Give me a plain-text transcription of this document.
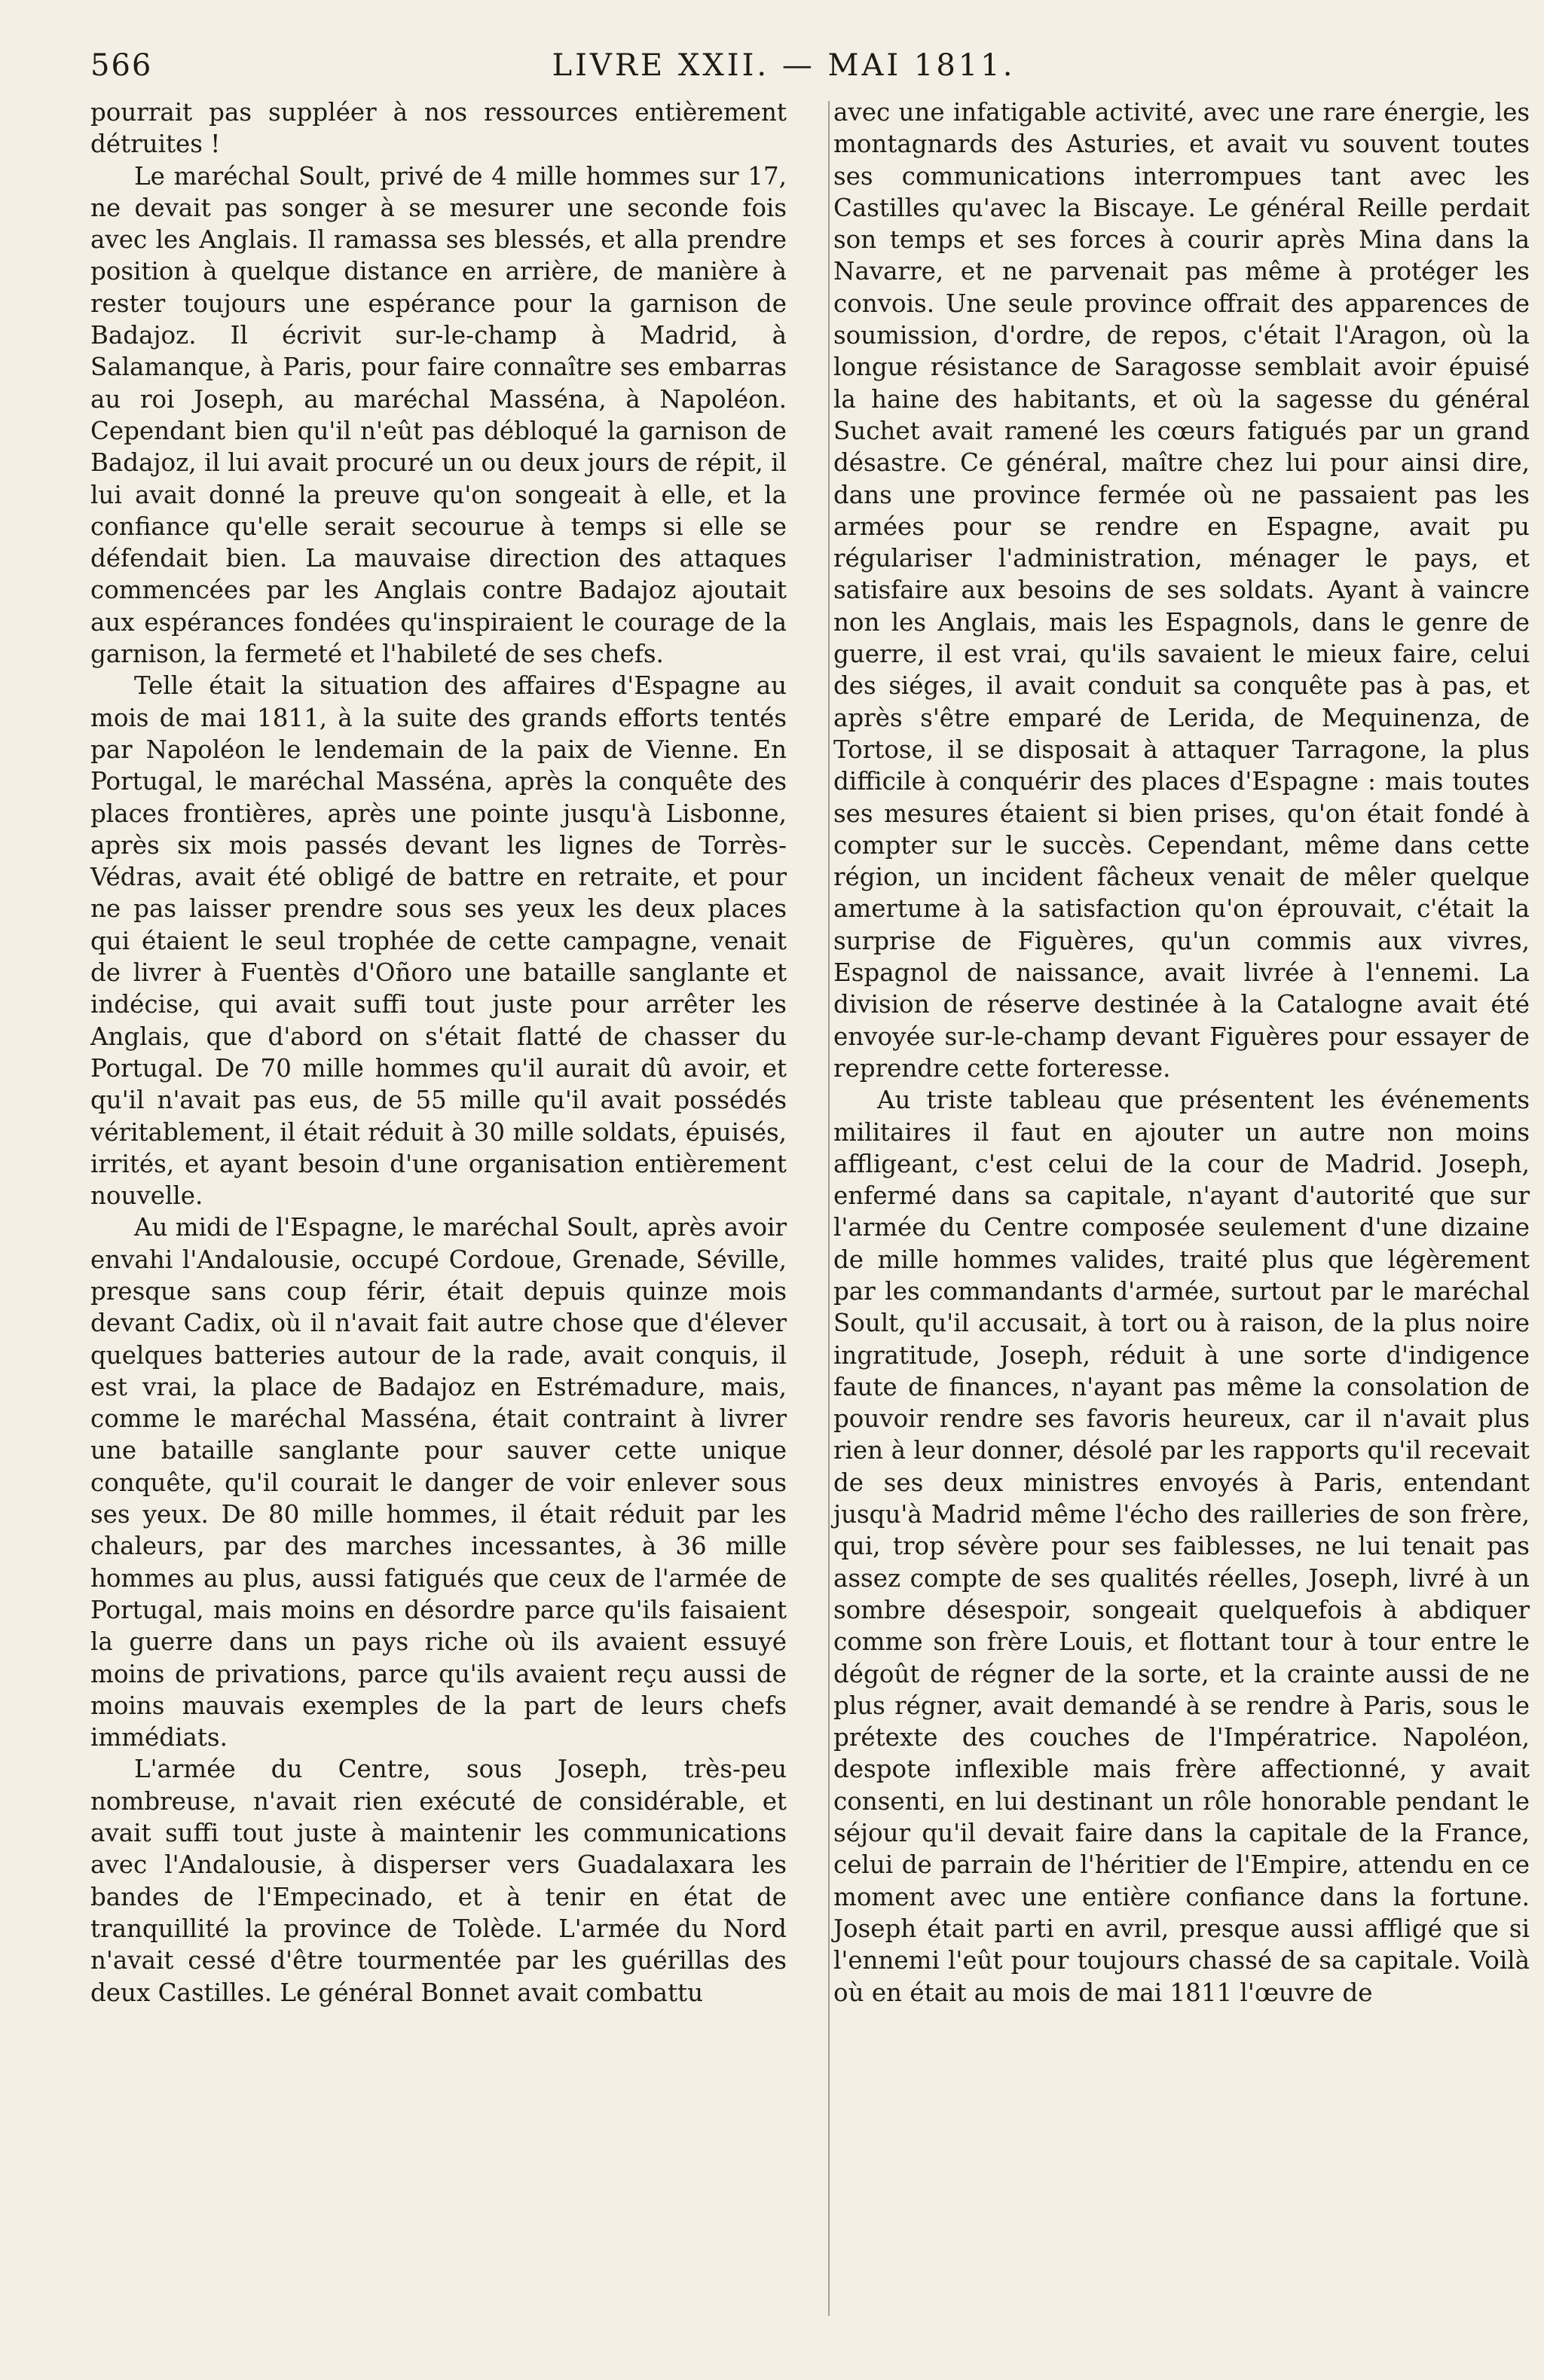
566	LIVRE XXII. — MAI 1811.

pourrait pas suppléer à nos ressources entièrement détruites !

Le maréchal Soult, privé de 4 mille hommes sur 17, ne devait pas songer à se mesurer une seconde fois avec les Anglais. Il ramassa ses blessés, et alla prendre position à quelque distance en arrière, de manière à rester toujours une espérance pour la garnison de Badajoz. Il écrivit sur-le-champ à Madrid, à Salamanque, à Paris, pour faire connaître ses embarras au roi Joseph, au maréchal Masséna, à Napoléon. Cependant bien qu'il n'eût pas débloqué la garnison de Badajoz, il lui avait procuré un ou deux jours de répit, il lui avait donné la preuve qu'on songeait à elle, et la confiance qu'elle serait secourue à temps si elle se défendait bien. La mauvaise direction des attaques commencées par les Anglais contre Badajoz ajoutait aux espérances fondées qu'inspiraient le courage de la garnison, la fermeté et l'habileté de ses chefs.

Telle était la situation des affaires d'Espagne au mois de mai 1811, à la suite des grands efforts tentés par Napoléon le lendemain de la paix de Vienne. En Portugal, le maréchal Masséna, après la conquête des places frontières, après une pointe jusqu'à Lisbonne, après six mois passés devant les lignes de Torrès-Védras, avait été obligé de battre en retraite, et pour ne pas laisser prendre sous ses yeux les deux places qui étaient le seul trophée de cette campagne, venait de livrer à Fuentès d'Oñoro une bataille sanglante et indécise, qui avait suffi tout juste pour arrêter les Anglais, que d'abord on s'était flatté de chasser du Portugal. De 70 mille hommes qu'il aurait dû avoir, et qu'il n'avait pas eus, de 55 mille qu'il avait possédés véritablement, il était réduit à 30 mille soldats, épuisés, irrités, et ayant besoin d'une organisation entièrement nouvelle.

Au midi de l'Espagne, le maréchal Soult, après avoir envahi l'Andalousie, occupé Cordoue, Grenade, Séville, presque sans coup férir, était depuis quinze mois devant Cadix, où il n'avait fait autre chose que d'élever quelques batteries autour de la rade, avait conquis, il est vrai, la place de Badajoz en Estrémadure, mais, comme le maréchal Masséna, était contraint à livrer une bataille sanglante pour sauver cette unique conquête, qu'il courait le danger de voir enlever sous ses yeux. De 80 mille hommes, il était réduit par les chaleurs, par des marches incessantes, à 36 mille hommes au plus, aussi fatigués que ceux de l'armée de Portugal, mais moins en désordre parce qu'ils faisaient la guerre dans un pays riche où ils avaient essuyé moins de privations, parce qu'ils avaient reçu aussi de moins mauvais exemples de la part de leurs chefs immédiats.

L'armée du Centre, sous Joseph, très-peu nombreuse, n'avait rien exécuté de considérable, et avait suffi tout juste à maintenir les communications avec l'Andalousie, à disperser vers Guadalaxara les bandes de l'Empecinado, et à tenir en état de tranquillité la province de Tolède. L'armée du Nord n'avait cessé d'être tourmentée par les guérillas des deux Castilles. Le général Bonnet avait combattu

avec une infatigable activité, avec une rare énergie, les montagnards des Asturies, et avait vu souvent toutes ses communications interrompues tant avec les Castilles qu'avec la Biscaye. Le général Reille perdait son temps et ses forces à courir après Mina dans la Navarre, et ne parvenait pas même à protéger les convois. Une seule province offrait des apparences de soumission, d'ordre, de repos, c'était l'Aragon, où la longue résistance de Saragosse semblait avoir épuisé la haine des habitants, et où la sagesse du général Suchet avait ramené les cœurs fatigués par un grand désastre. Ce général, maître chez lui pour ainsi dire, dans une province fermée où ne passaient pas les armées pour se rendre en Espagne, avait pu régulariser l'administration, ménager le pays, et satisfaire aux besoins de ses soldats. Ayant à vaincre non les Anglais, mais les Espagnols, dans le genre de guerre, il est vrai, qu'ils savaient le mieux faire, celui des siéges, il avait conduit sa conquête pas à pas, et après s'être emparé de Lerida, de Mequinenza, de Tortose, il se disposait à attaquer Tarragone, la plus difficile à conquérir des places d'Espagne : mais toutes ses mesures étaient si bien prises, qu'on était fondé à compter sur le succès. Cependant, même dans cette région, un incident fâcheux venait de mêler quelque amertume à la satisfaction qu'on éprouvait, c'était la surprise de Figuères, qu'un commis aux vivres, Espagnol de naissance, avait livrée à l'ennemi. La division de réserve destinée à la Catalogne avait été envoyée sur-le-champ devant Figuères pour essayer de reprendre cette forteresse.

Au triste tableau que présentent les événements militaires il faut en ajouter un autre non moins affligeant, c'est celui de la cour de Madrid. Joseph, enfermé dans sa capitale, n'ayant d'autorité que sur l'armée du Centre composée seulement d'une dizaine de mille hommes valides, traité plus que légèrement par les commandants d'armée, surtout par le maréchal Soult, qu'il accusait, à tort ou à raison, de la plus noire ingratitude, Joseph, réduit à une sorte d'indigence faute de finances, n'ayant pas même la consolation de pouvoir rendre ses favoris heureux, car il n'avait plus rien à leur donner, désolé par les rapports qu'il recevait de ses deux ministres envoyés à Paris, entendant jusqu'à Madrid même l'écho des railleries de son frère, qui, trop sévère pour ses faiblesses, ne lui tenait pas assez compte de ses qualités réelles, Joseph, livré à un sombre désespoir, songeait quelquefois à abdiquer comme son frère Louis, et flottant tour à tour entre le dégoût de régner de la sorte, et la crainte aussi de ne plus régner, avait demandé à se rendre à Paris, sous le prétexte des couches de l'Impératrice. Napoléon, despote inflexible mais frère affectionné, y avait consenti, en lui destinant un rôle honorable pendant le séjour qu'il devait faire dans la capitale de la France, celui de parrain de l'héritier de l'Empire, attendu en ce moment avec une entière confiance dans la fortune. Joseph était parti en avril, presque aussi affligé que si l'ennemi l'eût pour toujours chassé de sa capitale. Voilà où en était au mois de mai 1811 l'œuvre de
